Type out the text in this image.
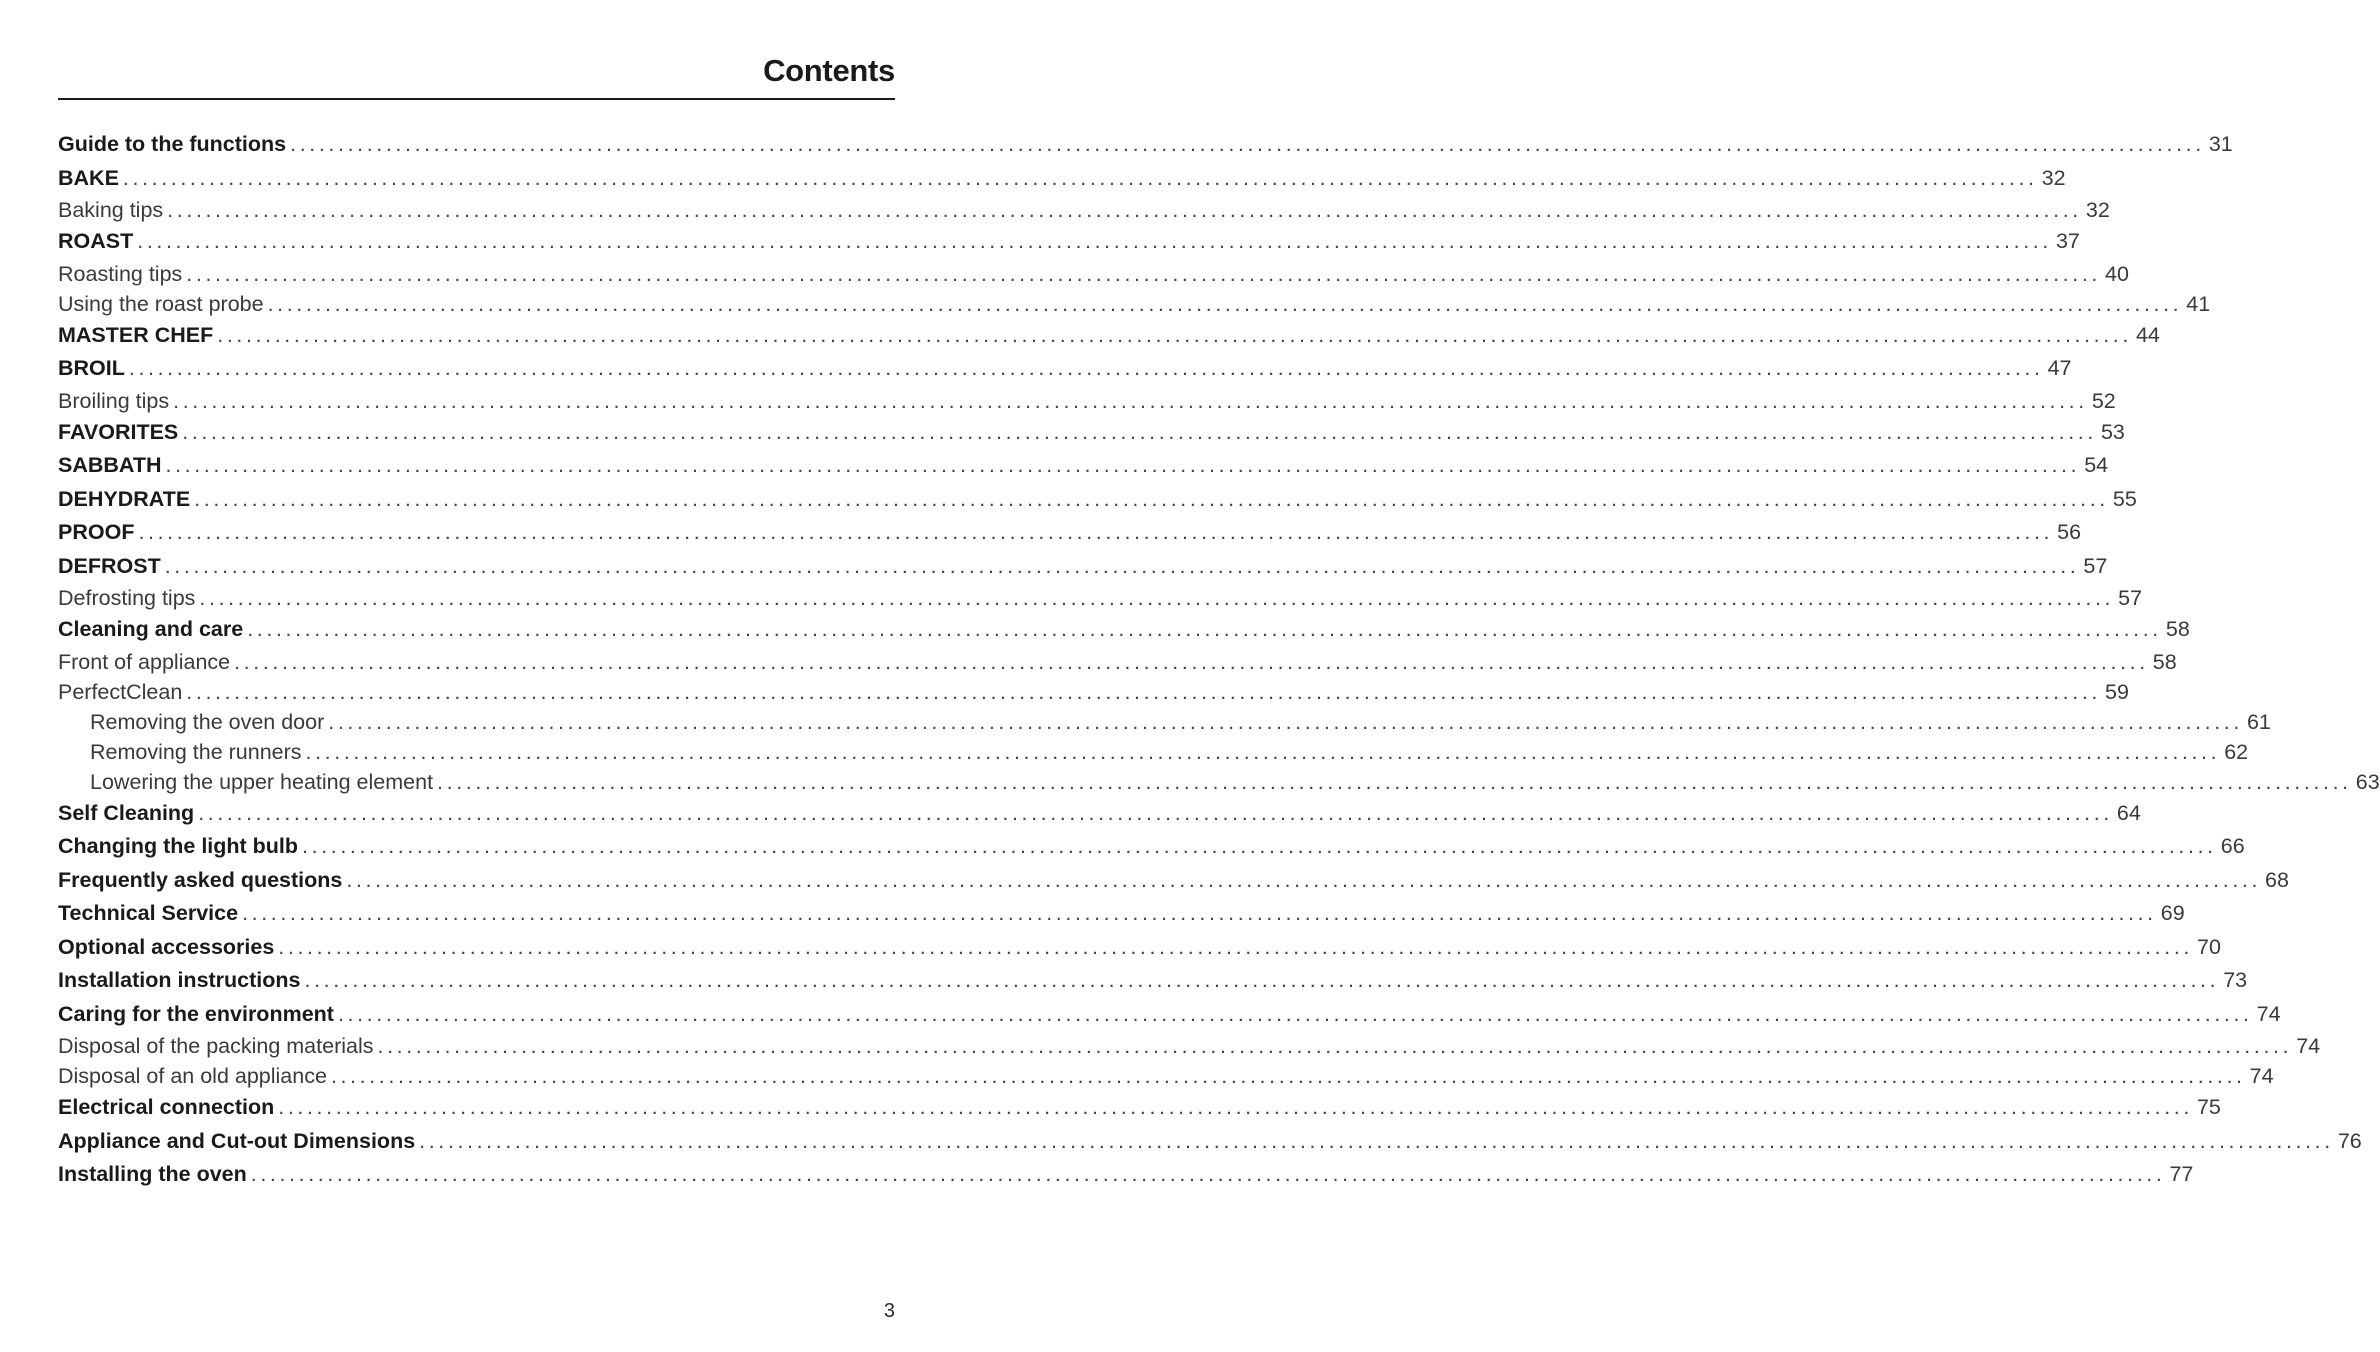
Contents
Guide to the functions ........................................................................................................................................................................................................ 31
BAKE ........................................................................................................................................................................................................ 32
Baking tips ........................................................................................................................................................................................................ 32
ROAST ........................................................................................................................................................................................................ 37
Roasting tips ........................................................................................................................................................................................................ 40
Using the roast probe ........................................................................................................................................................................................................ 41
MASTER CHEF ........................................................................................................................................................................................................ 44
BROIL ........................................................................................................................................................................................................ 47
Broiling tips ........................................................................................................................................................................................................ 52
FAVORITES ........................................................................................................................................................................................................ 53
SABBATH ........................................................................................................................................................................................................ 54
DEHYDRATE ........................................................................................................................................................................................................ 55
PROOF ........................................................................................................................................................................................................ 56
DEFROST ........................................................................................................................................................................................................ 57
Defrosting tips ........................................................................................................................................................................................................ 57
Cleaning and care ........................................................................................................................................................................................................ 58
Front of appliance ........................................................................................................................................................................................................ 58
PerfectClean ........................................................................................................................................................................................................ 59
Removing the oven door ........................................................................................................................................................................................................ 61
Removing the runners ........................................................................................................................................................................................................ 62
Lowering the upper heating element ........................................................................................................................................................................................................ 63
Self Cleaning ........................................................................................................................................................................................................ 64
Changing the light bulb ........................................................................................................................................................................................................ 66
Frequently asked questions ........................................................................................................................................................................................................ 68
Technical Service ........................................................................................................................................................................................................ 69
Optional accessories ........................................................................................................................................................................................................ 70
Installation instructions ........................................................................................................................................................................................................ 73
Caring for the environment ........................................................................................................................................................................................................ 74
Disposal of the packing materials ........................................................................................................................................................................................................ 74
Disposal of an old appliance ........................................................................................................................................................................................................ 74
Electrical connection ........................................................................................................................................................................................................ 75
Appliance and Cut-out Dimensions ........................................................................................................................................................................................................ 76
Installing the oven ........................................................................................................................................................................................................ 77
3
